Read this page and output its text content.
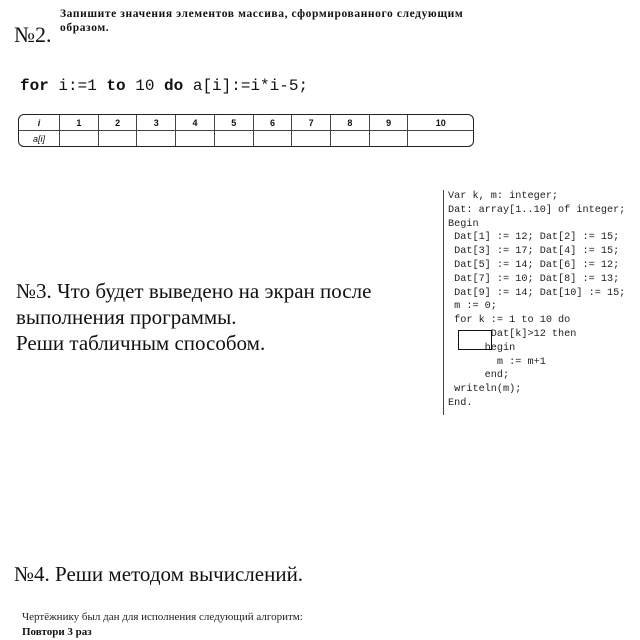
№2.
Запишите значения элементов массива, сформированного следующим образом.
for i:=1 to 10 do a[i]:=i*i-5;
i	1	2	3	4	5	6	7	8	9	10
a[i]										
Var k, m: integer;
Dat: array[1..10] of integer;
Begin
Dat[1] := 12; Dat[2] := 15;
Dat[3] := 17; Dat[4] := 15;
Dat[5] := 14; Dat[6] := 12;
Dat[7] := 10; Dat[8] := 13;
Dat[9] := 14; Dat[10] := 15;
m := 0;
for k := 1 to 10 do
Dat[k]>12 then
begin
m := m+1
end;
writeln(m);
End.
№3. Что будет выведено на экран после выполнения программы.
Реши табличным способом.
№4. Реши методом вычислений.
Чертёжнику был дан для исполнения следующий алгоритм:
Повтори 3 раз
